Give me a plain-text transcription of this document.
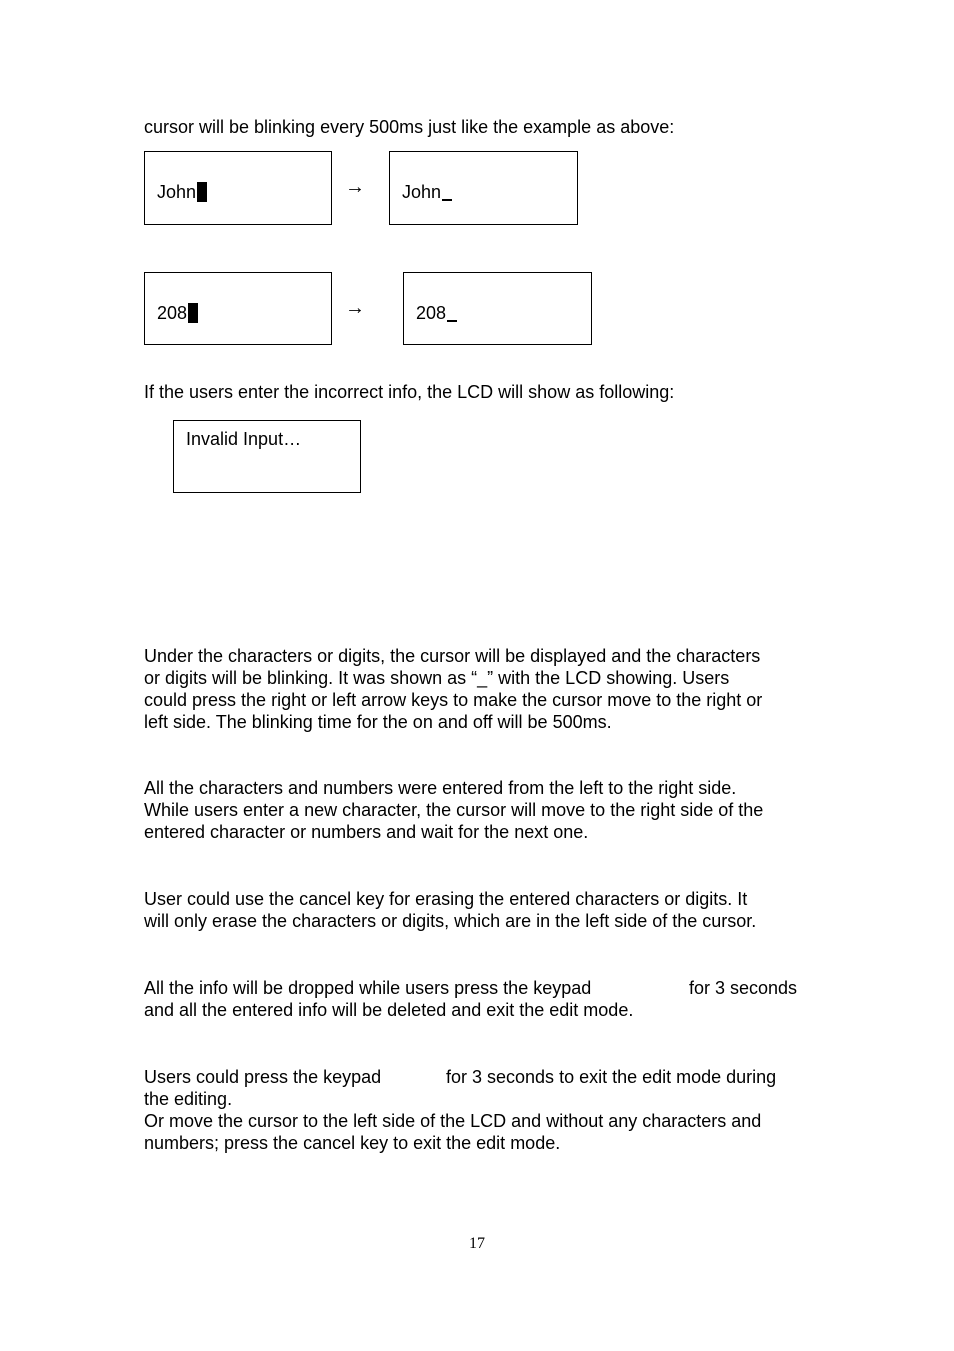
cursor will be blinking every 500ms just like the example as above:
John	→ John
208	→	208
If the users enter the incorrect info, the LCD will show as following:
Invalid Input…
Under the characters or digits, the cursor will be displayed and the characters
or digits will be blinking. It was shown as “_” with the LCD showing. Users
could press the right or left arrow keys to make the cursor move to the right or
left side. The blinking time for the on and off will be 500ms.
All the characters and numbers were entered from the left to the right side.
While users enter a new character, the cursor will move to the right side of the
entered character or numbers and wait for the next one.
User could use the cancel key for erasing the entered characters or digits. It
will only erase the characters or digits, which are in the left side of the cursor.
All the info will be dropped while users press the keypad	for 3 seconds
and all the entered info will be deleted and exit the edit mode.
Users could press the keypad	for 3 seconds to exit the edit mode during
the editing.
Or move the cursor to the left side of the LCD and without any characters and
numbers; press the cancel key to exit the edit mode.
17
